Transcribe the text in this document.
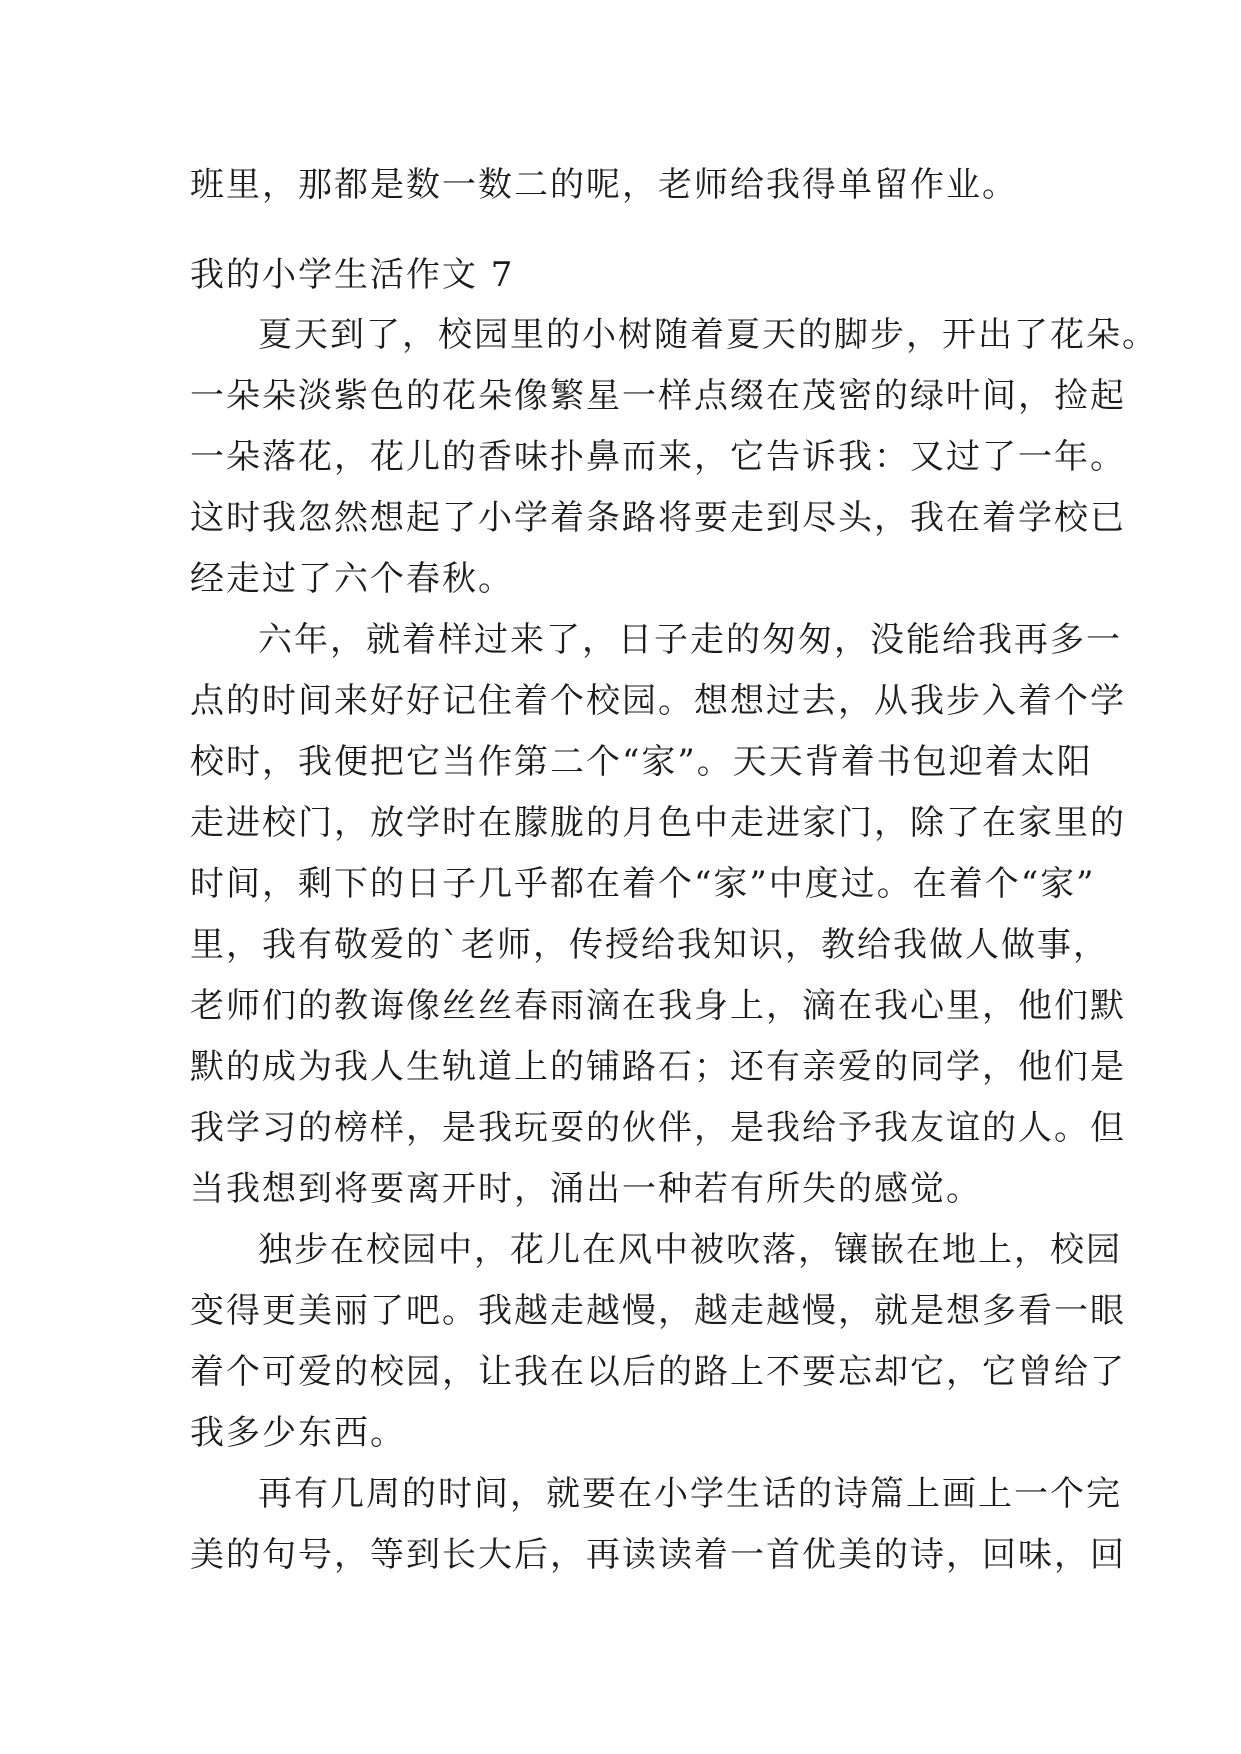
班里，那都是数一数二的呢，老师给我得单留作业。
我的小学生活作文 7
夏天到了，校园里的小树随着夏天的脚步，开出了花朵。
一朵朵淡紫色的花朵像繁星一样点缀在茂密的绿叶间，捡起
一朵落花，花儿的香味扑鼻而来，它告诉我：又过了一年。
这时我忽然想起了小学着条路将要走到尽头，我在着学校已
经走过了六个春秋。
六年，就着样过来了，日子走的匆匆，没能给我再多一
点的时间来好好记住着个校园。想想过去，从我步入着个学
校时，我便把它当作第二个“家”。天天背着书包迎着太阳
走进校门，放学时在朦胧的月色中走进家门，除了在家里的
时间，剩下的日子几乎都在着个“家”中度过。在着个“家”
里，我有敬爱的`老师，传授给我知识，教给我做人做事，
老师们的教诲像丝丝春雨滴在我身上，滴在我心里，他们默
默的成为我人生轨道上的铺路石；还有亲爱的同学，他们是
我学习的榜样，是我玩耍的伙伴，是我给予我友谊的人。但
当我想到将要离开时，涌出一种若有所失的感觉。
独步在校园中，花儿在风中被吹落，镶嵌在地上，校园
变得更美丽了吧。我越走越慢，越走越慢，就是想多看一眼
着个可爱的校园，让我在以后的路上不要忘却它，它曾给了
我多少东西。
再有几周的时间，就要在小学生话的诗篇上画上一个完
美的句号，等到长大后，再读读着一首优美的诗，回味，回
